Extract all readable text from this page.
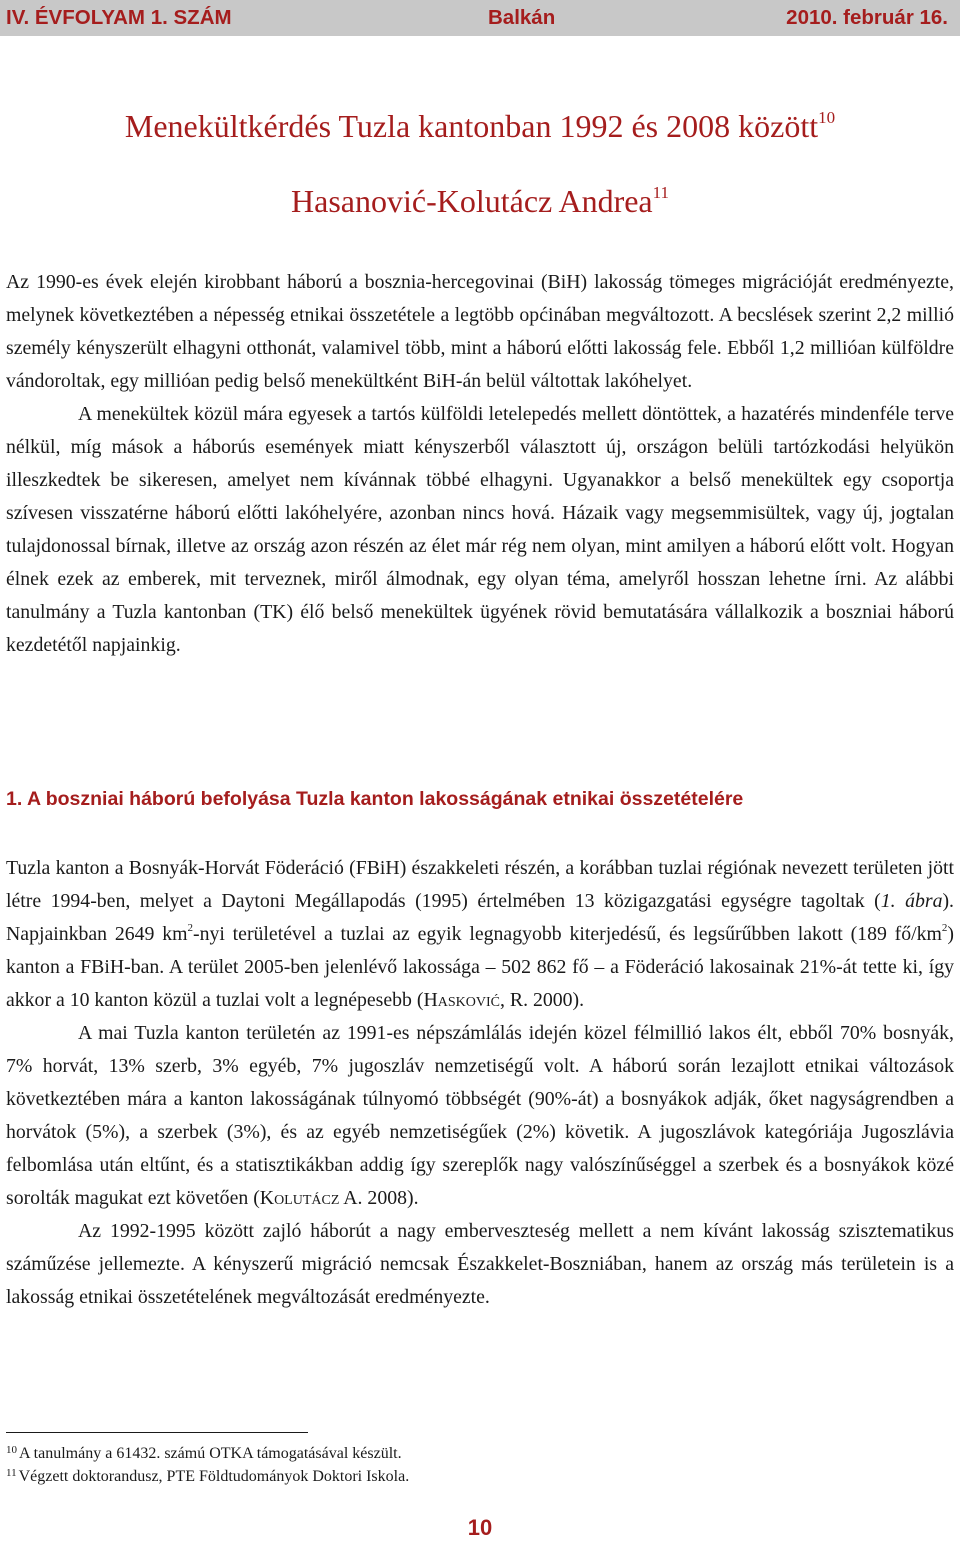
IV. ÉVFOLYAM 1. SZÁM	Balkán	2010. február 16.
Menekültkérdés Tuzla kantonban 1992 és 2008 között$^{10}$
Hasanović-Kolutácz Andrea$^{11}$

Az 1990-es évek elején kirobbant háború a bosznia-hercegovinai (BiH) lakosság tömeges migrációját eredményezte, melynek következtében a népesség etnikai összetétele a legtöbb općinában megváltozott. A becslések szerint 2,2 millió személy kényszerült elhagyni otthonát, valamivel több, mint a háború előtti lakosság fele. Ebből 1,2 millióan külföldre vándoroltak, egy millióan pedig belső menekültként BiH-án belül váltottak lakóhelyet.

A menekültek közül mára egyesek a tartós külföldi letelepedés mellett döntöttek, a hazatérés mindenféle terve nélkül, míg mások a háborús események miatt kényszerből választott új, országon belüli tartózkodási helyükön illeszkedtek be sikeresen, amelyet nem kívánnak többé elhagyni. Ugyanakkor a belső menekültek egy csoportja szívesen visszatérne háború előtti lakóhelyére, azonban nincs hová. Házaik vagy megsemmisültek, vagy új, jogtalan tulajdonossal bírnak, illetve az ország azon részén az élet már rég nem olyan, mint amilyen a háború előtt volt. Hogyan élnek ezek az emberek, mit terveznek, miről álmodnak, egy olyan téma, amelyről hosszan lehetne írni. Az alábbi tanulmány a Tuzla kantonban (TK) élő belső menekültek ügyének rövid bemutatására vállalkozik a boszniai háború kezdetétől napjainkig.

1. A boszniai háború befolyása Tuzla kanton lakosságának etnikai összetételére

Tuzla kanton a Bosnyák-Horvát Föderáció (FBiH) északkeleti részén, a korábban tuzlai régiónak nevezett területen jött létre 1994-ben, melyet a Daytoni Megállapodás (1995) értelmében 13 közigazgatási egységre tagoltak (1. ábra). Napjainkban 2649 $km^2$-nyi területével a tuzlai az egyik legnagyobb kiterjedésű, és legsűrűbben lakott (189 $fő/km^2$) kanton a FBiH-ban. A terület 2005-ben jelenlévő lakossága – 502 862 fő – a Föderáció lakosainak 21%-át tette ki, így akkor a 10 kanton közül a tuzlai volt a legnépesebb (Hasković, R. 2000).

A mai Tuzla kanton területén az 1991-es népszámlálás idején közel félmillió lakos élt, ebből 70% bosnyák, 7% horvát, 13% szerb, 3% egyéb, 7% jugoszláv nemzetiségű volt. A háború során lezajlott etnikai változások következtében mára a kanton lakosságának túlnyomó többségét (90%-át) a bosnyákok adják, őket nagyságrendben a horvátok (5%), a szerbek (3%), és az egyéb nemzetiségűek (2%) követik. A jugoszlávok kategóriája Jugoszlávia felbomlása után eltűnt, és a statisztikákban addig így szereplők nagy valószínűséggel a szerbek és a bosnyákok közé sorolták magukat ezt követően (Kolutácz A. 2008).

Az 1992-1995 között zajló háborút a nagy emberveszteség mellett a nem kívánt lakosság szisztematikus száműzése jellemezte. A kényszerű migráció nemcsak Északkelet-Boszniában, hanem az ország más területein is a lakosság etnikai összetételének megváltozását eredményezte.

$^{10}$ A tanulmány a 61432. számú OTKA támogatásával készült.
$^{11}$ Végzett doktorandusz, PTE Földtudományok Doktori Iskola.
10
